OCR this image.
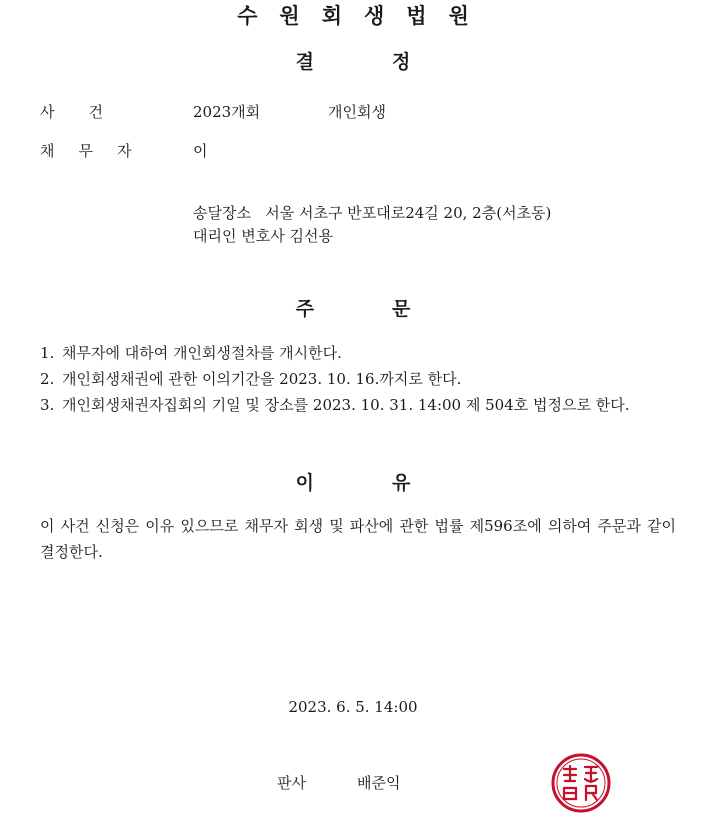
수원회생법원
결정
사건	2023개회	개인회생
채무자	이
송달장소   서울 서초구 반포대로24길 20, 2층(서초동)
대리인 변호사 김선용
주문
1. 채무자에 대하여 개인회생절차를 개시한다.
2. 개인회생채권에 관한 이의기간을 2023. 10. 16.까지로 한다.
3. 개인회생채권자집회의 기일 및 장소를 2023. 10. 31. 14:00 제 504호 법정으로 한다.
이유
이 사건 신청은 이유 있으므로 채무자 회생 및 파산에 관한 법률 제596조에 의하여 주문과 같이 결정한다.
2023. 6. 5. 14:00
판사	배준익
